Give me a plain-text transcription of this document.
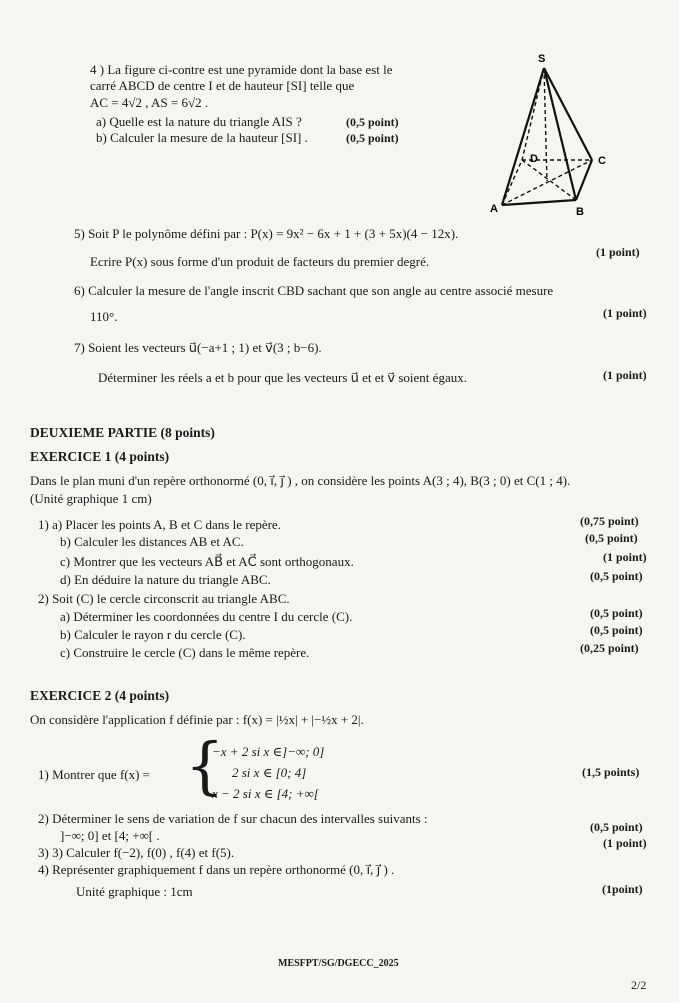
4 ) La figure ci-contre est une pyramide dont la base est le
carré ABCD de centre I et de hauteur [SI] telle que
AC = 4√2 , AS = 6√2 .
a) Quelle est la nature du triangle AIS ?	(0,5 point)
b) Calculer la mesure de la hauteur [SI] .	(0,5 point)
S
D	C
A	B
5) Soit P le polynôme défini par : P(x) = 9x² − 6x + 1 + (3 + 5x)(4 − 12x).
Ecrire P(x) sous forme d'un produit de facteurs du premier degré.
(1 point)
6) Calculer la mesure de l'angle inscrit CBD sachant que son angle au centre associé mesure
110°.	(1 point)
7) Soient les vecteurs u⃗(−a+1 ; 1) et v⃗(3 ; b−6).
Déterminer les réels a et b pour que les vecteurs u⃗ et et v⃗ soient égaux.	(1 point)
DEUXIEME PARTIE (8 points)
EXERCICE 1 (4 points)
Dans le plan muni d'un repère orthonormé (0, i⃗, j⃗ ) , on considère les points A(3 ; 4), B(3 ; 0) et C(1 ; 4).
(Unité graphique 1 cm)
1) a) Placer les points A, B et C dans le repère.	(0,75 point)
b) Calculer les distances AB et AC.	(0,5 point)
c) Montrer que les vecteurs AB⃗ et AC⃗ sont orthogonaux.	(1 point)
d) En déduire la nature du triangle ABC.	(0,5 point)
2) Soit (C) le cercle circonscrit au triangle ABC.
a) Déterminer les coordonnées du centre I du cercle (C).	(0,5 point)
b) Calculer le rayon r du cercle (C).	(0,5 point)
c) Construire le cercle (C) dans le même repère.	(0,25 point)
EXERCICE 2 (4 points)
On considère l'application f définie par : f(x) = |½x| + |−½x + 2|.
1) Montrer que f(x) = {
−x + 2 si x ∈]−∞; 0]
2 si x ∈ [0; 4]
x − 2 si x ∈ [4; +∞[
(1,5 points)
2) Déterminer le sens de variation de f sur chacun des intervalles suivants :
]−∞; 0] et [4; +∞[ .
(0,5 point)
3) 3) Calculer f(−2), f(0) , f(4) et f(5).
(1 point)
4) Représenter graphiquement f dans un repère orthonormé (0, i⃗, j⃗ ) .
Unité graphique : 1cm	(1point)
MESFPT/SG/DGECC_2025
2/2
